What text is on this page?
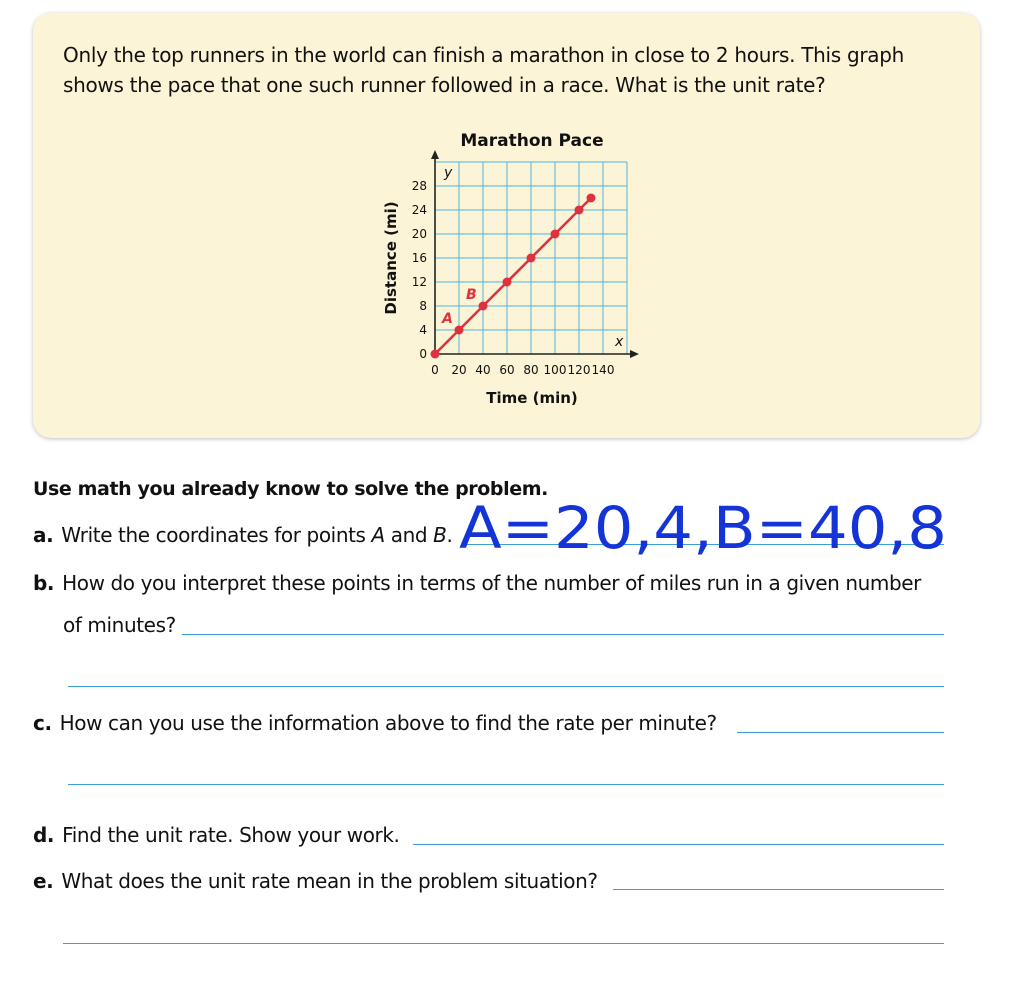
Only the top runners in the world can finish a marathon in close to 2 hours. This graph
shows the pace that one such runner followed in a race. What is the unit rate?

Marathon Pace
0 20 40 60 80 100 120 140
0
4
8
12
16
20
24
28
A
B
x
y
Time (min)
Distance (mi)
Use math you already know to solve the problem.

a. Write the coordinates for points A and B.

b. How do you interpret these points in terms of the number of miles run in a given number

of minutes?

c. How can you use the information above to find the rate per minute?

d. Find the unit rate. Show your work.

e. What does the unit rate mean in the problem situation?

A=20,4,B=40,8
